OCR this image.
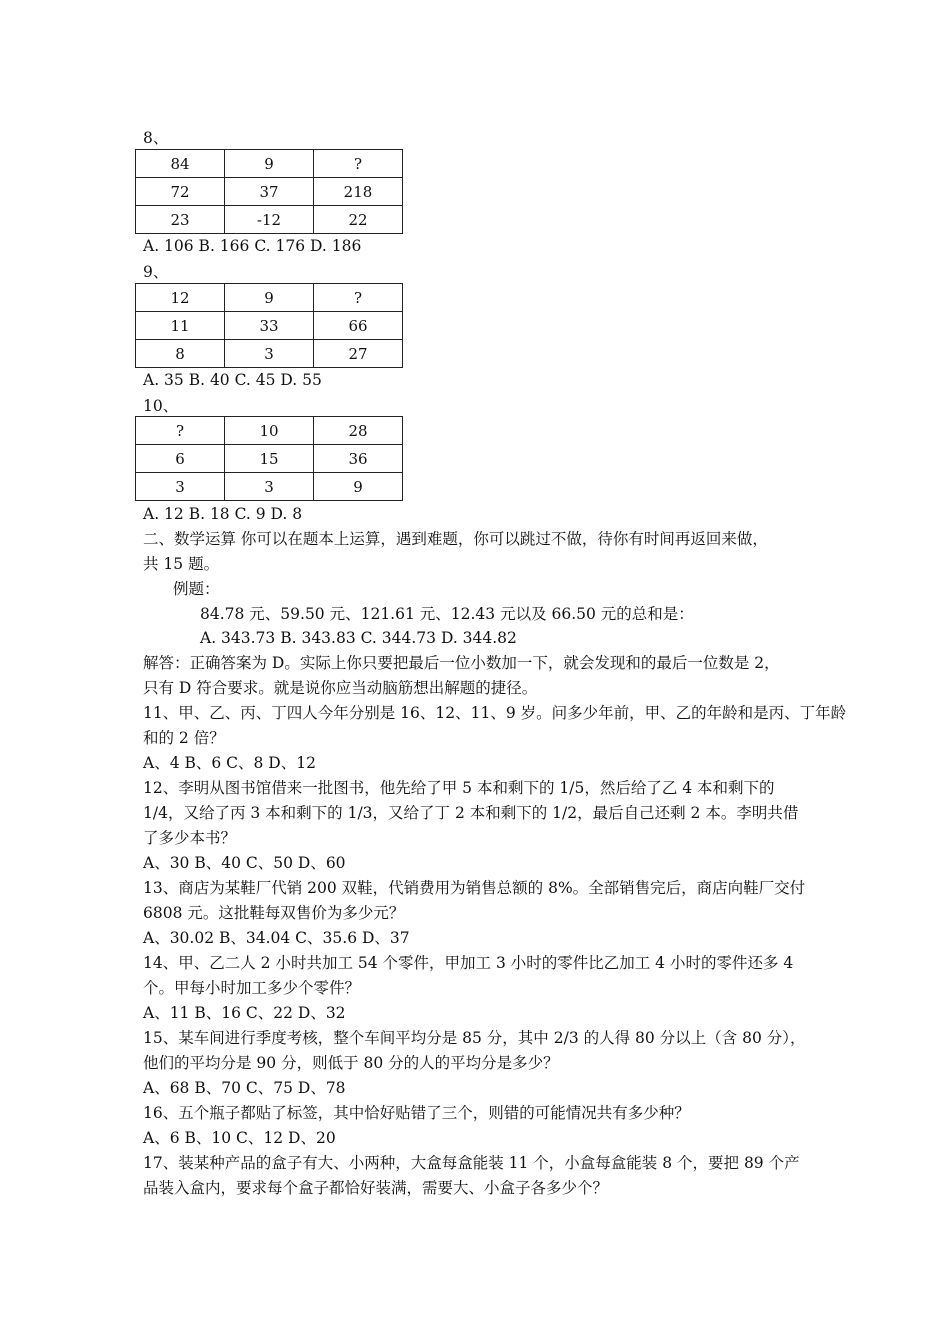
8、
84	9	?
72	37	218
23	-12	22
A. 106 B. 166 C. 176 D. 186
9、
12	9	?
11	33	66
8	3	27
A. 35 B. 40 C. 45 D. 55
10、
?	10	28
6	15	36
3	3	9
A. 12 B. 18 C. 9 D. 8
二、数学运算 你可以在题本上运算，遇到难题，你可以跳过不做，待你有时间再返回来做，
共 15 题。
例题：
84.78 元、59.50 元、121.61 元、12.43 元以及 66.50 元的总和是：
A. 343.73 B. 343.83 C. 344.73 D. 344.82
解答：正确答案为 D。实际上你只要把最后一位小数加一下，就会发现和的最后一位数是 2，
只有 D 符合要求。就是说你应当动脑筋想出解题的捷径。
11、甲、乙、丙、丁四人今年分别是 16、12、11、9 岁。问多少年前，甲、乙的年龄和是丙、丁年龄
和的 2 倍？
A、4 B、6 C、8 D、12
12、李明从图书馆借来一批图书，他先给了甲 5 本和剩下的 1/5，然后给了乙 4 本和剩下的
1/4，又给了丙 3 本和剩下的 1/3，又给了丁 2 本和剩下的 1/2，最后自己还剩 2 本。李明共借
了多少本书？
A、30 B、40 C、50 D、60
13、商店为某鞋厂代销 200 双鞋，代销费用为销售总额的 8%。全部销售完后，商店向鞋厂交付
6808 元。这批鞋每双售价为多少元？
A、30.02 B、34.04 C、35.6 D、37
14、甲、乙二人 2 小时共加工 54 个零件，甲加工 3 小时的零件比乙加工 4 小时的零件还多 4
个。甲每小时加工多少个零件？
A、11 B、16 C、22 D、32
15、某车间进行季度考核，整个车间平均分是 85 分，其中 2/3 的人得 80 分以上（含 80 分），
他们的平均分是 90 分，则低于 80 分的人的平均分是多少？
A、68 B、70 C、75 D、78
16、五个瓶子都贴了标签，其中恰好贴错了三个，则错的可能情况共有多少种？
A、6 B、10 C、12 D、20
17、装某种产品的盒子有大、小两种，大盒每盒能装 11 个，小盒每盒能装 8 个，要把 89 个产
品装入盒内，要求每个盒子都恰好装满，需要大、小盒子各多少个？
